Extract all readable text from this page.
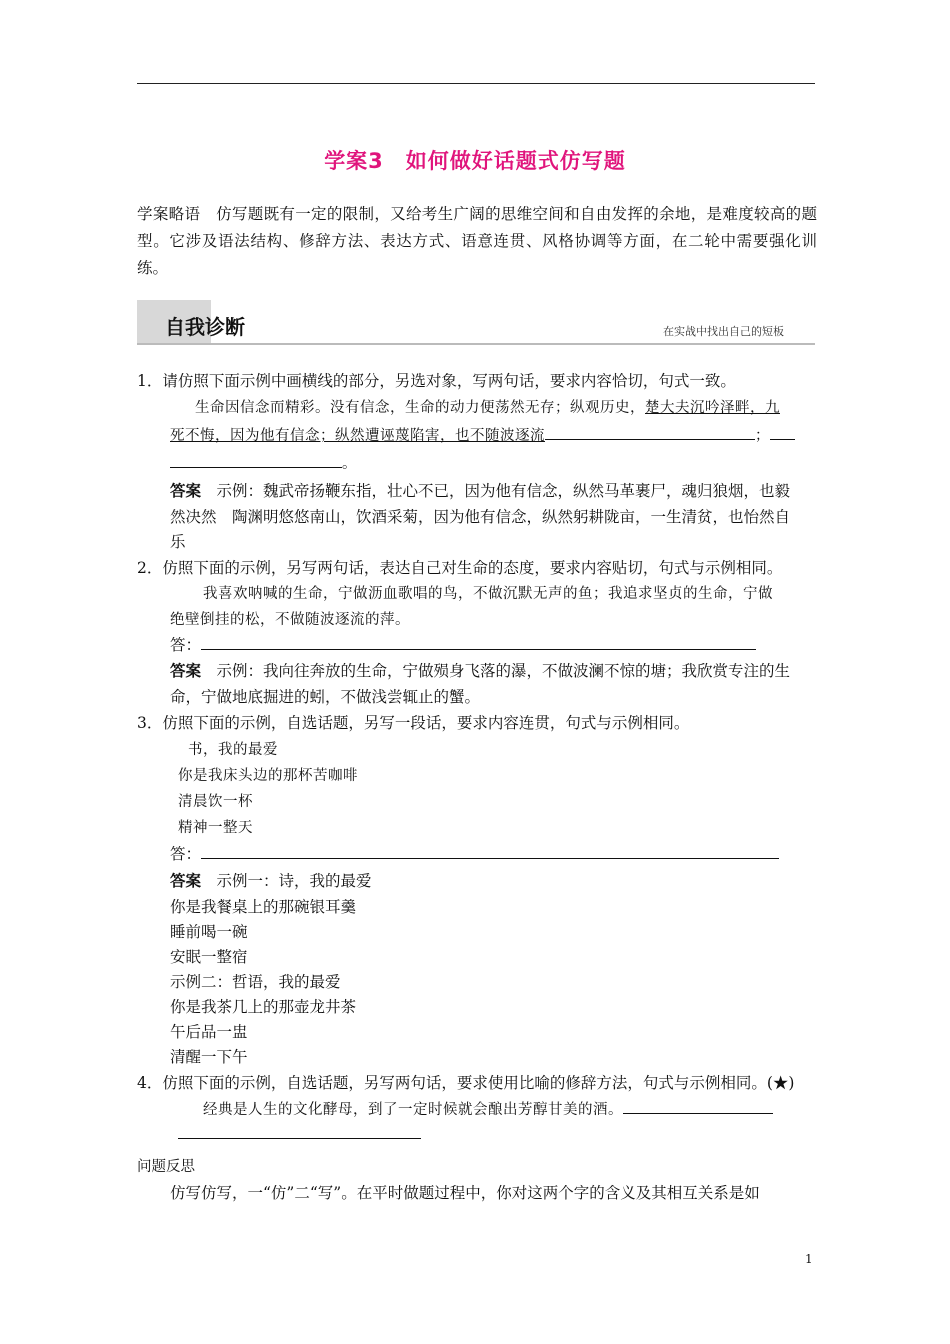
学案3　如何做好话题式仿写题
学案略语　 仿写题既有一定的限制，又给考生广阔的思维空间和自由发挥的余地，是难度较高的题型。它涉及语法结构、修辞方法、表达方式、语意连贯、风格协调等方面，在二轮中需要强化训练。
自我诊断	在实战中找出自己的短板
1．请仿照下面示例中画横线的部分，另选对象，写两句话，要求内容恰切，句式一致。
生命因信念而精彩。没有信念，生命的动力便荡然无存；纵观历史，楚大夫沉吟泽畔，九
死不悔，因为他有信念；纵然遭诬蔑陷害，也不随波逐流	；
。
答案　 示例：魏武帝扬鞭东指，壮心不已，因为他有信念，纵然马革裹尸，魂归狼烟，也毅
然决然　陶渊明悠悠南山，饮酒采菊，因为他有信念，纵然躬耕陇亩，一生清贫，也怡然自
乐
2．仿照下面的示例，另写两句话，表达自己对生命的态度，要求内容贴切，句式与示例相同。
我喜欢呐喊的生命，宁做沥血歌唱的鸟，不做沉默无声的鱼；我追求坚贞的生命，宁做
绝壁倒挂的松，不做随波逐流的萍。
答：
答案　 示例：我向往奔放的生命，宁做殒身飞落的瀑，不做波澜不惊的塘；我欣赏专注的生
命，宁做地底掘进的蚓，不做浅尝辄止的蟹。
3．仿照下面的示例，自选话题，另写一段话，要求内容连贯，句式与示例相同。
书，我的最爱
你是我床头边的那杯苦咖啡
清晨饮一杯
精神一整天
答：
答案　 示例一：诗，我的最爱
你是我餐桌上的那碗银耳羹
睡前喝一碗
安眠一整宿
示例二：哲语，我的最爱
你是我茶几上的那壶龙井茶
午后品一盅
清醒一下午
4．仿照下面的示例，自选话题，另写两句话，要求使用比喻的修辞方法，句式与示例相同。(★)
经典是人生的文化酵母，到了一定时候就会酿出芳醇甘美的酒。
问题反思
仿写仿写，一“仿”二“写”。在平时做题过程中，你对这两个字的含义及其相互关系是如
1
